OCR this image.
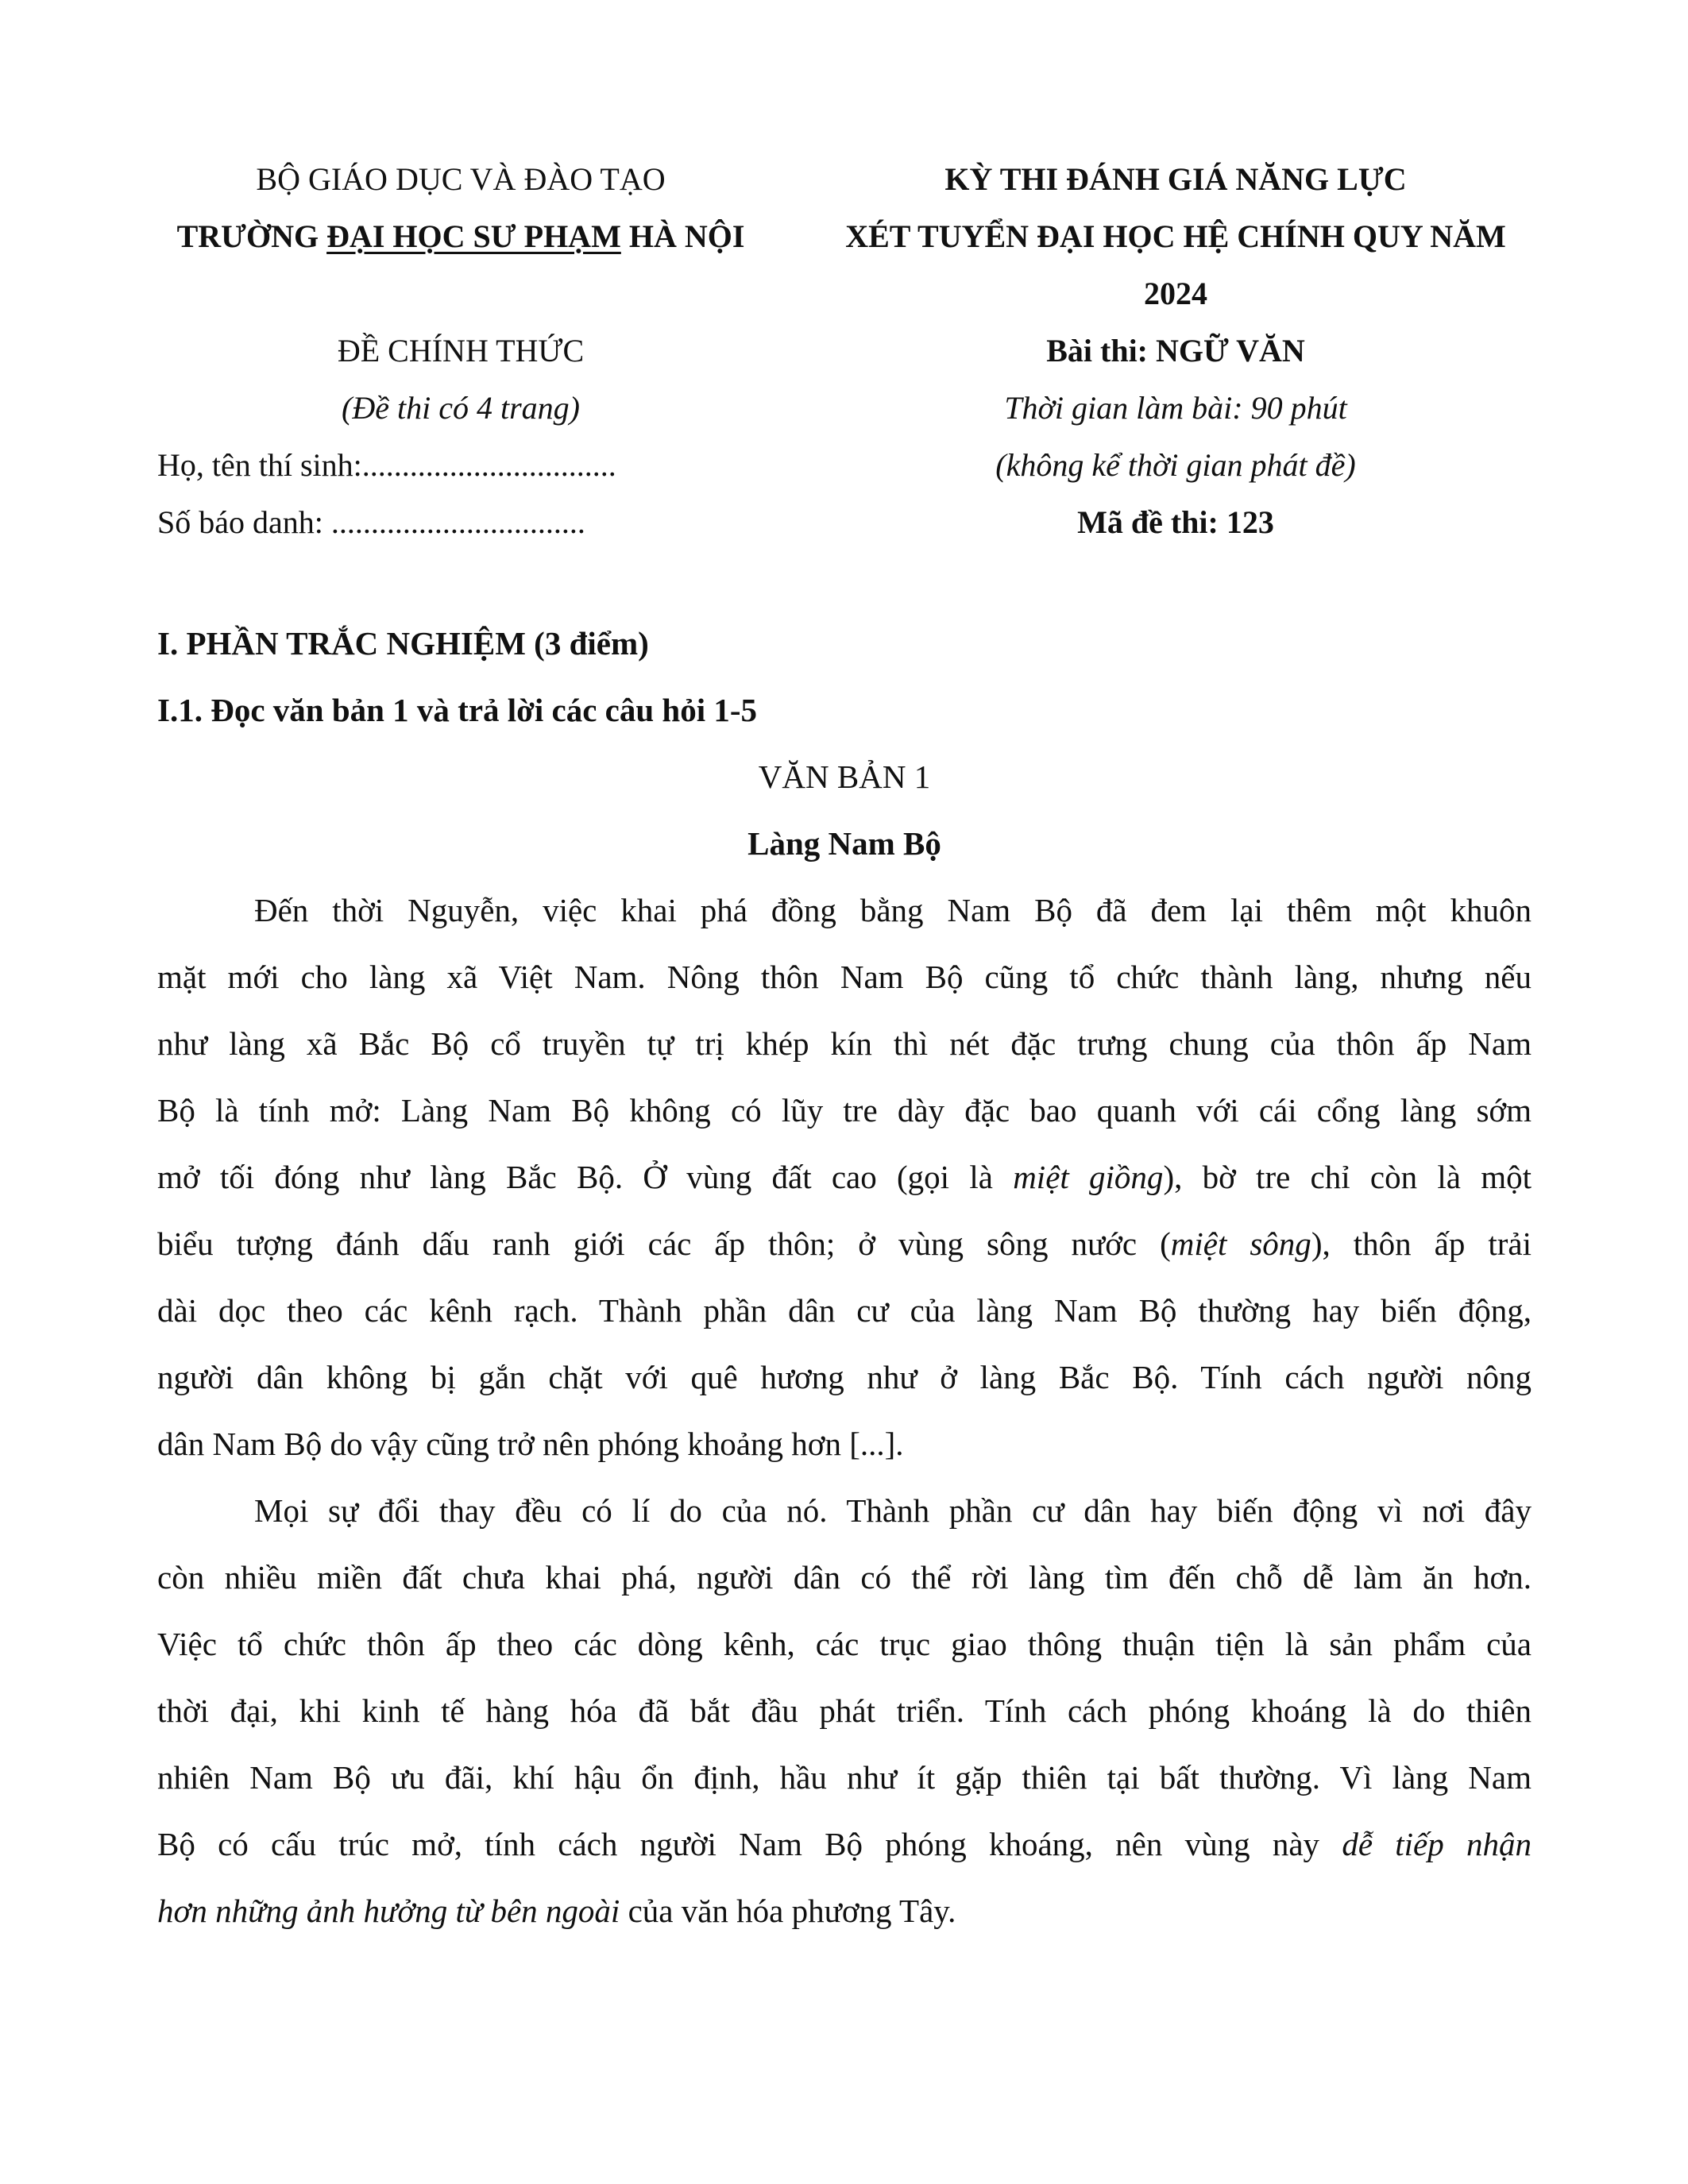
BỘ GIÁO DỤC VÀ ĐÀO TẠO
TRƯỜNG ĐẠI HỌC SƯ PHẠM HÀ NỘI
ĐỀ CHÍNH THỨC
(Đề thi có 4 trang)
Họ, tên thí sinh:................................
Số báo danh: ................................
KỲ THI ĐÁNH GIÁ NĂNG LỰC
XÉT TUYỂN ĐẠI HỌC HỆ CHÍNH QUY NĂM
2024
Bài thi: NGỮ VĂN
Thời gian làm bài: 90 phút
(không kể thời gian phát đề)
Mã đề thi: 123
I. PHẦN TRẮC NGHIỆM (3 điểm)
I.1. Đọc văn bản 1 và trả lời các câu hỏi 1-5
VĂN BẢN 1
Làng Nam Bộ
Đến thời Nguyễn, việc khai phá đồng bằng Nam Bộ đã đem lại thêm một khuôn
mặt mới cho làng xã Việt Nam. Nông thôn Nam Bộ cũng tổ chức thành làng, nhưng nếu
như làng xã Bắc Bộ cổ truyền tự trị khép kín thì nét đặc trưng chung của thôn ấp Nam
Bộ là tính mở: Làng Nam Bộ không có lũy tre dày đặc bao quanh với cái cổng làng sớm
mở tối đóng như làng Bắc Bộ. Ở vùng đất cao (gọi là miệt giồng), bờ tre chỉ còn là một
biểu tượng đánh dấu ranh giới các ấp thôn; ở vùng sông nước (miệt sông), thôn ấp trải
dài dọc theo các kênh rạch. Thành phần dân cư của làng Nam Bộ thường hay biến động,
người dân không bị gắn chặt với quê hương như ở làng Bắc Bộ. Tính cách người nông
dân Nam Bộ do vậy cũng trở nên phóng khoảng hơn [...].
Mọi sự đổi thay đều có lí do của nó. Thành phần cư dân hay biến động vì nơi đây
còn nhiều miền đất chưa khai phá, người dân có thể rời làng tìm đến chỗ dễ làm ăn hơn.
Việc tổ chức thôn ấp theo các dòng kênh, các trục giao thông thuận tiện là sản phẩm của
thời đại, khi kinh tế hàng hóa đã bắt đầu phát triển. Tính cách phóng khoáng là do thiên
nhiên Nam Bộ ưu đãi, khí hậu ổn định, hầu như ít gặp thiên tại bất thường. Vì làng Nam
Bộ có cấu trúc mở, tính cách người Nam Bộ phóng khoáng, nên vùng này dễ tiếp nhận
hơn những ảnh hưởng từ bên ngoài của văn hóa phương Tây.
